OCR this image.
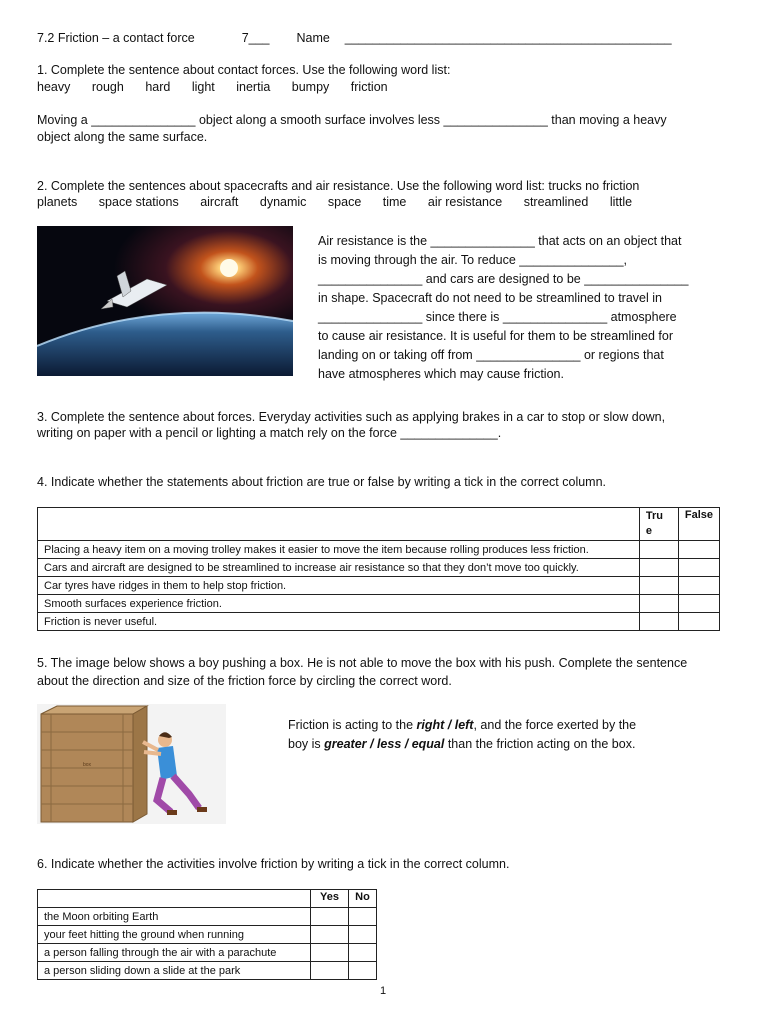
7.2 Friction – a contact force	7___ Name _______________________________________________
1. Complete the sentence about contact forces. Use the following word list:
heavy rough hard light inertia bumpy friction
Moving a _______________ object along a smooth surface involves less _______________ than moving a heavy
object along the same surface.
2. Complete the sentences about spacecrafts and air resistance. Use the following word list: trucks no friction
planets space stations aircraft dynamic space time air resistance streamlined little
Air resistance is the _______________ that acts on an object that
is moving through the air. To reduce _______________,
_______________ and cars are designed to be _______________
in shape. Spacecraft do not need to be streamlined to travel in
_______________ since there is _______________ atmosphere
to cause air resistance. It is useful for them to be streamlined for
landing on or taking off from _______________ or regions that
have atmospheres which may cause friction.
3. Complete the sentence about forces. Everyday activities such as applying brakes in a car to stop or slow down,
writing on paper with a pencil or lighting a match rely on the force ______________.
4. Indicate whether the statements about friction are true or false by writing a tick in the correct column.
	Tru e	False
Placing a heavy item on a moving trolley makes it easier to move the item because rolling produces less friction.		
Cars and aircraft are designed to be streamlined to increase air resistance so that they don’t move too quickly.		
Car tyres have ridges in them to help stop friction.		
Smooth surfaces experience friction.		
Friction is never useful.		
5. The image below shows a boy pushing a box. He is not able to move the box with his push. Complete the sentence
about the direction and size of the friction force by circling the correct word.
box
Friction is acting to the right / left, and the force exerted by the
boy is greater / less / equal than the friction acting on the box.
6. Indicate whether the activities involve friction by writing a tick in the correct column.
	Yes	No
the Moon orbiting Earth		
your feet hitting the ground when running		
a person falling through the air with a parachute		
a person sliding down a slide at the park		
1
